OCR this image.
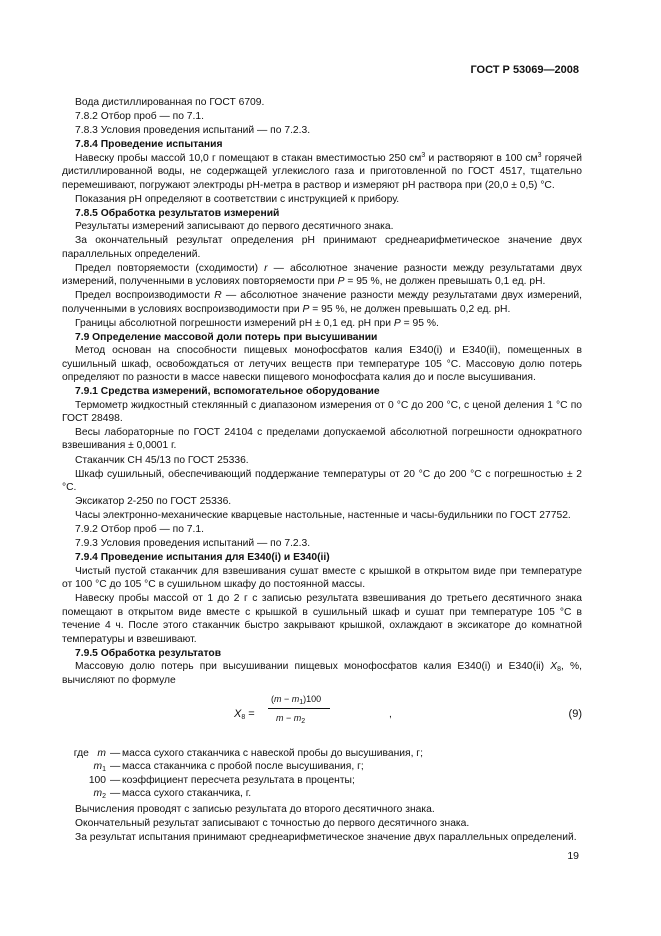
ГОСТ Р 53069—2008

Вода дистиллированная по ГОСТ 6709.

7.8.2 Отбор проб — по 7.1.

7.8.3 Условия проведения испытаний — по 7.2.3.

7.8.4 Проведение испытания

Навеску пробы массой 10,0 г помещают в стакан вместимостью 250 $см^3$ и растворяют в 100 $см^3$ горячей дистиллированной воды, не содержащей углекислого газа и приготовленной по ГОСТ 4517, тщательно перемешивают, погружают электроды pH-метра в раствор и измеряют pH раствора при (20,0 ± 0,5) °С.

Показания pH определяют в соответствии с инструкцией к прибору.

7.8.5 Обработка результатов измерений

Результаты измерений записывают до первого десятичного знака.

За окончательный результат определения pH принимают среднеарифметическое значение двух параллельных определений.

Предел повторяемости (сходимости) r — абсолютное значение разности между результатами двух измерений, полученными в условиях повторяемости при P = 95 %, не должен превышать 0,1 ед. pH.

Предел воспроизводимости R — абсолютное значение разности между результатами двух измерений, полученными в условиях воспроизводимости при P = 95 %, не должен превышать 0,2 ед. pH.

Границы абсолютной погрешности измерений pH ± 0,1 ед. pH при P = 95 %.

7.9 Определение массовой доли потерь при высушивании

Метод основан на способности пищевых монофосфатов калия Е340(i) и Е340(ii), помещенных в сушильный шкаф, освобождаться от летучих веществ при температуре 105 °С. Массовую долю потерь определяют по разности в массе навески пищевого монофосфата калия до и после высушивания.

7.9.1 Средства измерений, вспомогательное оборудование

Термометр жидкостный стеклянный с диапазоном измерения от 0 °С до 200 °С, с ценой деления 1 °С по ГОСТ 28498.

Весы лабораторные по ГОСТ 24104 с пределами допускаемой абсолютной погрешности однократного взвешивания ± 0,0001 г.

Стаканчик СН 45/13 по ГОСТ 25336.

Шкаф сушильный, обеспечивающий поддержание температуры от 20 °С до 200 °С с погрешностью ± 2 °С.

Эксикатор 2-250 по ГОСТ 25336.

Часы электронно-механические кварцевые настольные, настенные и часы-будильники по ГОСТ 27752.

7.9.2 Отбор проб — по 7.1.

7.9.3 Условия проведения испытаний — по 7.2.3.

7.9.4 Проведение испытания для Е340(i) и Е340(ii)

Чистый пустой стаканчик для взвешивания сушат вместе с крышкой в открытом виде при температуре от 100 °С до 105 °С в сушильном шкафу до постоянной массы.

Навеску пробы массой от 1 до 2 г с записью результата взвешивания до третьего десятичного знака помещают в открытом виде вместе с крышкой в сушильный шкаф и сушат при температуре 105 °С в течение 4 ч. После этого стаканчик быстро закрывают крышкой, охлаждают в эксикаторе до комнатной температуры и взвешивают.

7.9.5 Обработка результатов

Массовую долю потерь при высушивании пищевых монофосфатов калия Е340(i) и Е340(ii) $X_8$, %, вычисляют по формуле

$X_8$ =
$(m - m_1)100$
$m - m_2$
,	(9)
где m	—	масса сухого стаканчика с навеской пробы до высушивания, г;
$m_1$	—	масса стаканчика с пробой после высушивания, г;
100	—	коэффициент пересчета результата в проценты;
$m_2$	—	масса сухого стаканчика, г.

Вычисления проводят с записью результата до второго десятичного знака.

Окончательный результат записывают с точностью до первого десятичного знака.

За результат испытания принимают среднеарифметическое значение двух параллельных определений.

19
